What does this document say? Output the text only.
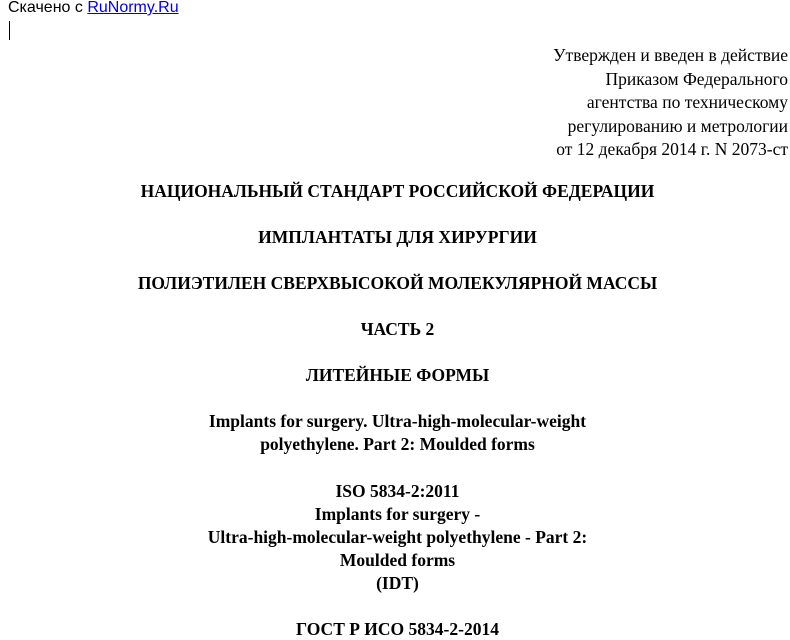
Скачено с RuNormy.Ru
Утвержден и введен в действие
Приказом Федерального
агентства по техническому
регулированию и метрологии
от 12 декабря 2014 г. N 2073-ст
НАЦИОНАЛЬНЫЙ СТАНДАРТ РОССИЙСКОЙ ФЕДЕРАЦИИ
ИМПЛАНТАТЫ ДЛЯ ХИРУРГИИ
ПОЛИЭТИЛЕН СВЕРХВЫСОКОЙ МОЛЕКУЛЯРНОЙ МАССЫ
ЧАСТЬ 2
ЛИТЕЙНЫЕ ФОРМЫ
Implants for surgery. Ultra-high-molecular-weight
polyethylene. Part 2: Moulded forms
ISO 5834-2:2011
Implants for surgery -
Ultra-high-molecular-weight polyethylene - Part 2:
Moulded forms
(IDT)
ГОСТ Р ИСО 5834-2-2014
